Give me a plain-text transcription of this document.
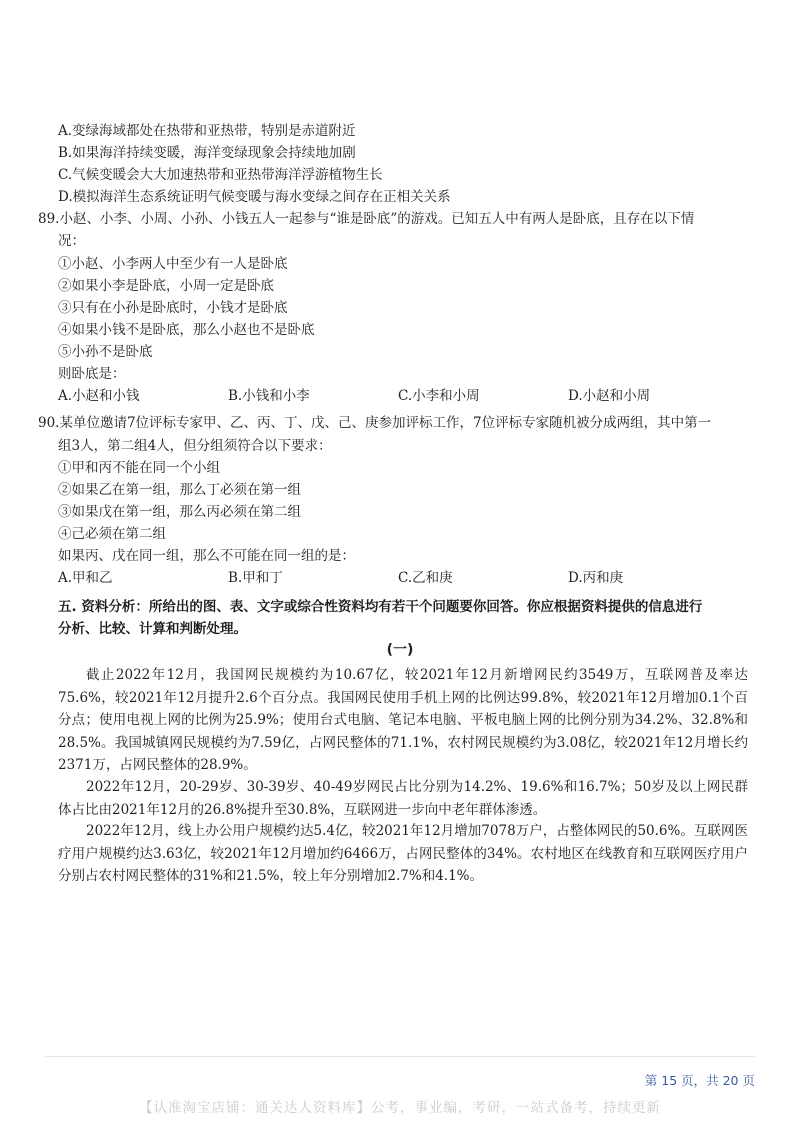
A.变绿海域都处在热带和亚热带，特别是赤道附近
B.如果海洋持续变暖，海洋变绿现象会持续地加剧
C.气候变暖会大大加速热带和亚热带海洋浮游植物生长
D.模拟海洋生态系统证明气候变暖与海水变绿之间存在正相关关系
89.小赵、小李、小周、小孙、小钱五人一起参与“谁是卧底”的游戏。已知五人中有两人是卧底，且存在以下情
况：
①小赵、小李两人中至少有一人是卧底
②如果小李是卧底，小周一定是卧底
③只有在小孙是卧底时，小钱才是卧底
④如果小钱不是卧底，那么小赵也不是卧底
⑤小孙不是卧底
则卧底是：
A.小赵和小钱	B.小钱和小李	C.小李和小周	D.小赵和小周
90.某单位邀请7位评标专家甲、乙、丙、丁、戊、己、庚参加评标工作，7位评标专家随机被分成两组，其中第一
组3人，第二组4人，但分组须符合以下要求：
①甲和丙不能在同一个小组
②如果乙在第一组，那么丁必须在第一组
③如果戊在第一组，那么丙必须在第二组
④己必须在第二组
如果丙、戊在同一组，那么不可能在同一组的是：
A.甲和乙	B.甲和丁	C.乙和庚	D.丙和庚
五. 资料分析：所给出的图、表、文字或综合性资料均有若干个问题要你回答。你应根据资料提供的信息进行
分析、比较、计算和判断处理。
(一)
截止2022年12月，我国网民规模约为10.67亿，较2021年12月新增网民约3549万，互联网普及率达75.6%，较2021年12月提升2.6个百分点。我国网民使用手机上网的比例达99.8%，较2021年12月增加0.1个百分点；使用电视上网的比例为25.9%；使用台式电脑、笔记本电脑、平板电脑上网的比例分别为34.2%、32.8%和28.5%。我国城镇网民规模约为7.59亿，占网民整体的71.1%，农村网民规模约为3.08亿，较2021年12月增长约2371万，占网民整体的28.9%。
2022年12月，20-29岁、30-39岁、40-49岁网民占比分别为14.2%、19.6%和16.7%；50岁及以上网民群体占比由2021年12月的26.8%提升至30.8%，互联网进一步向中老年群体渗透。
2022年12月，线上办公用户规模约达5.4亿，较2021年12月增加7078万户，占整体网民的50.6%。互联网医疗用户规模约达3.63亿，较2021年12月增加约6466万，占网民整体的34%。农村地区在线教育和互联网医疗用户分别占农村网民整体的31%和21.5%，较上年分别增加2.7%和4.1%。
第 15 页，共 20 页
【认准淘宝店铺：通关达人资料库】公考，事业编，考研，一站式备考，持续更新
